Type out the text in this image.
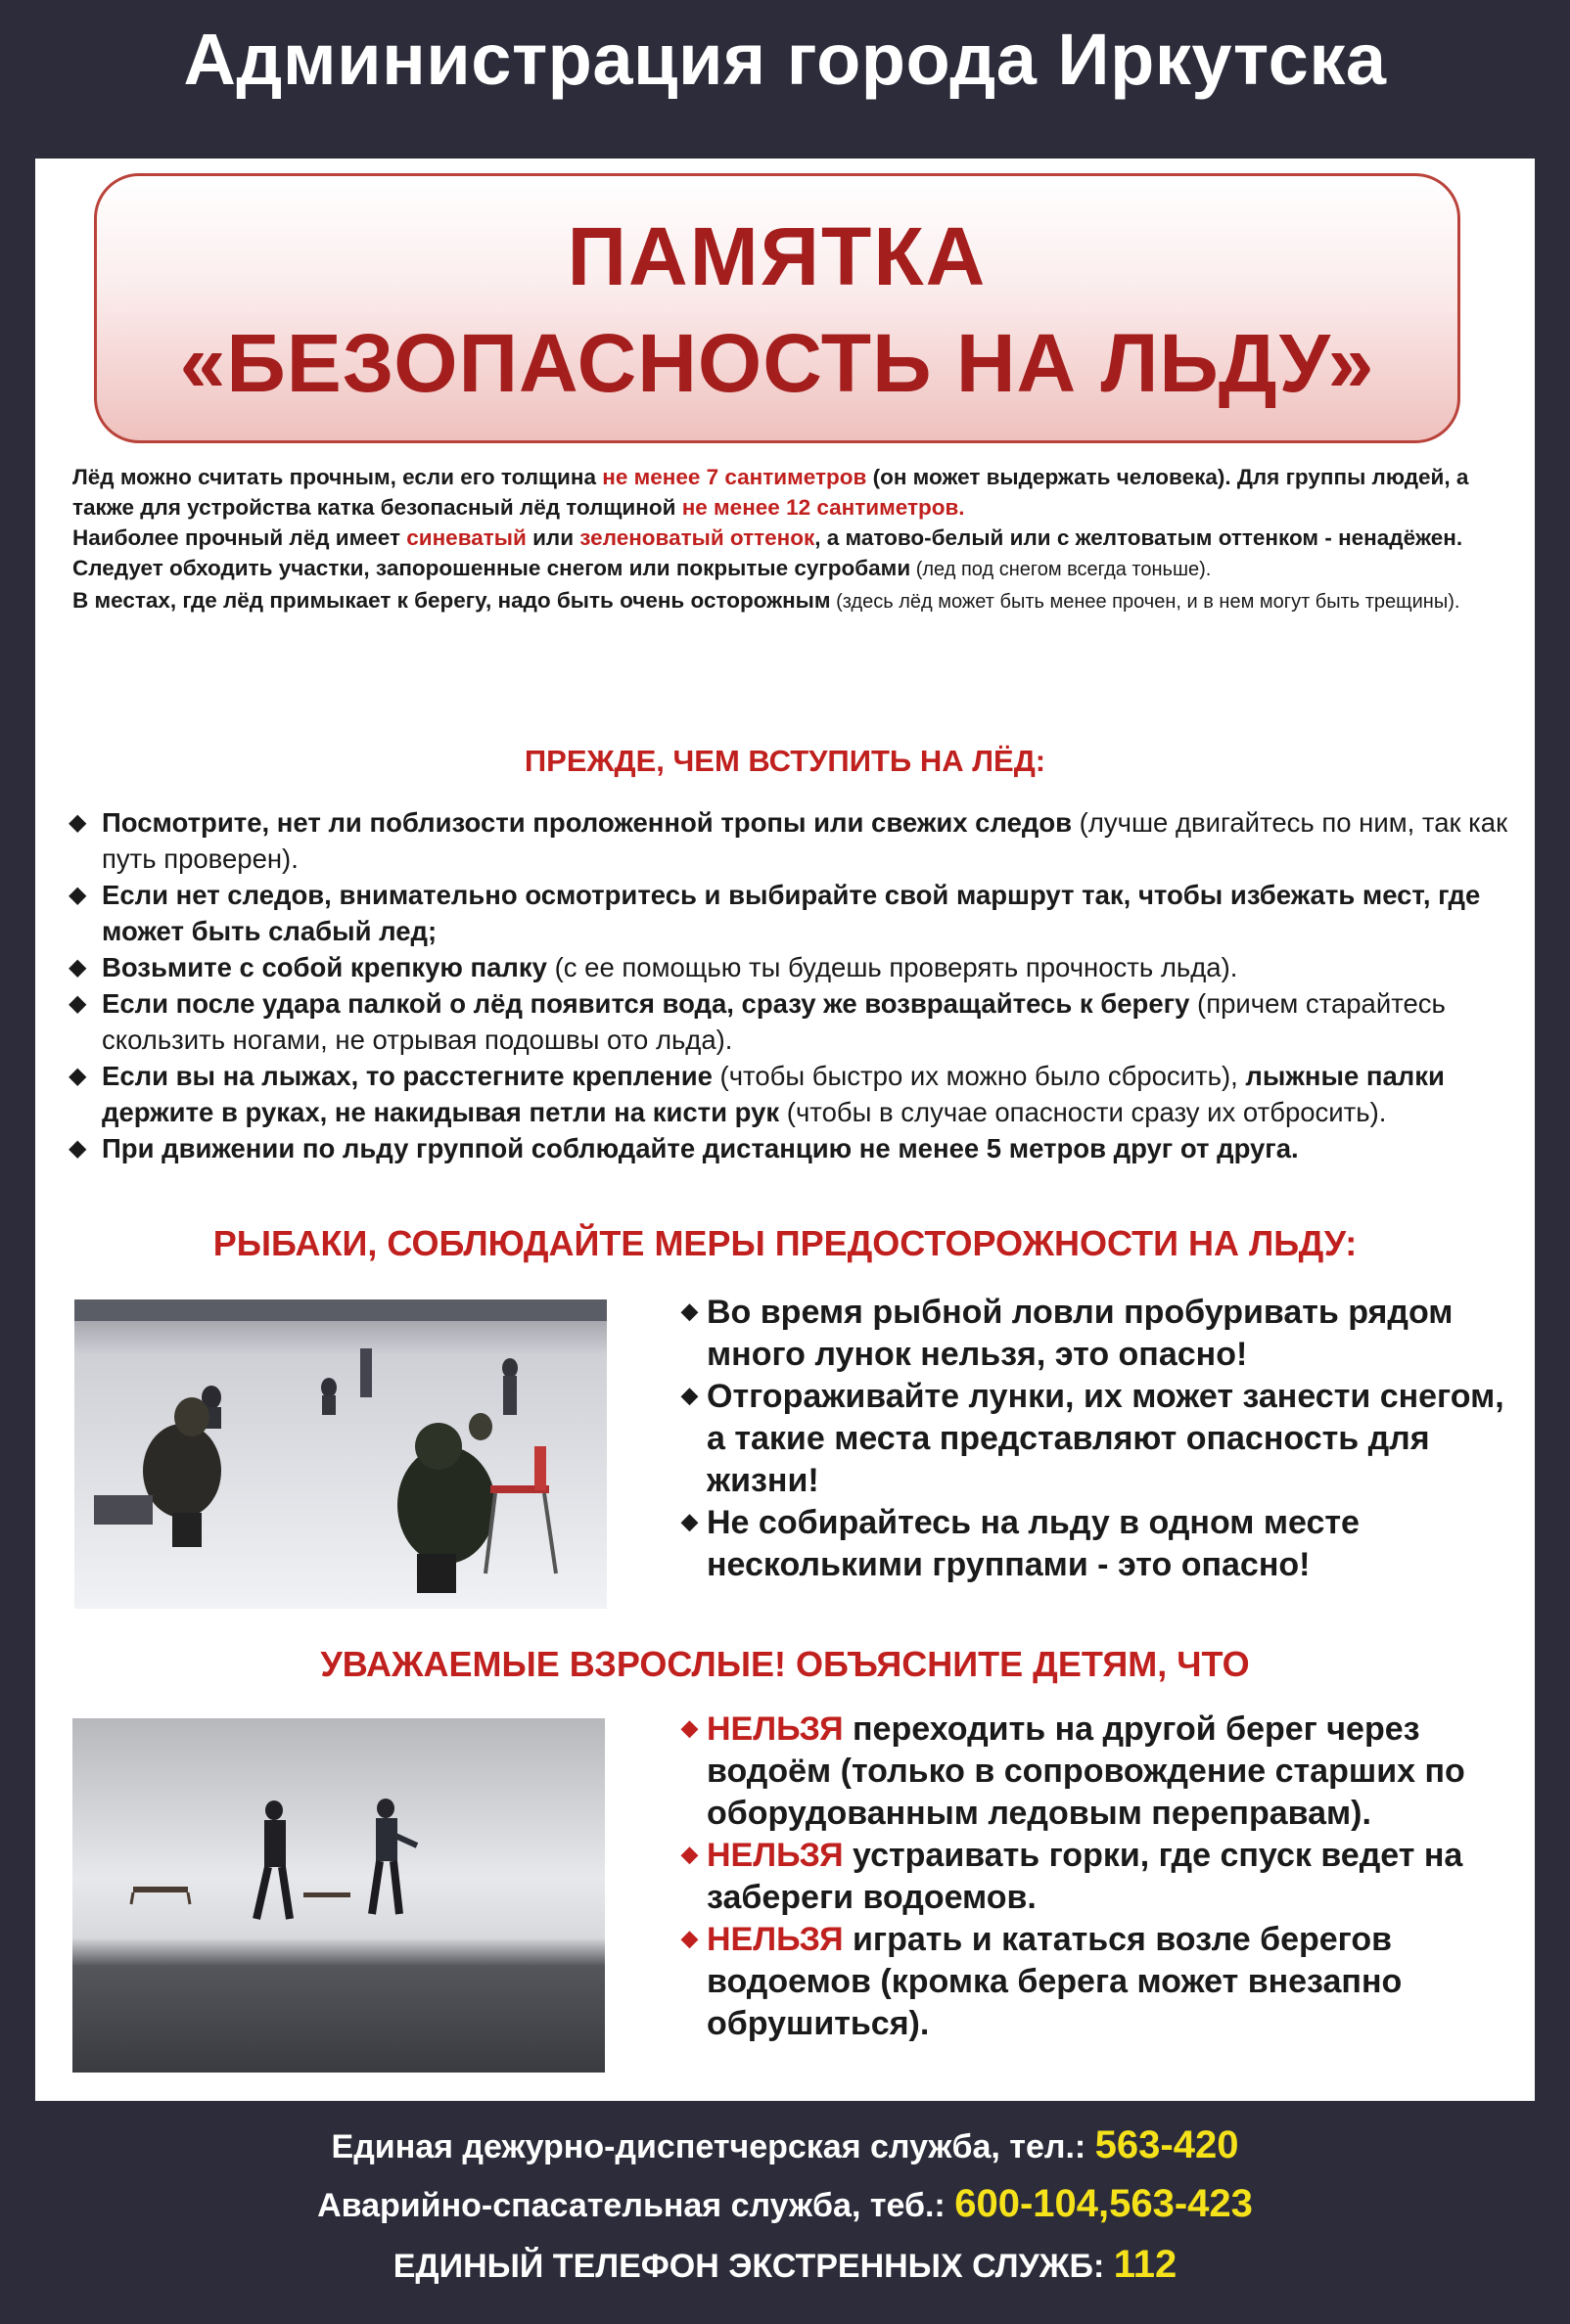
Администрация города Иркутска
ПАМЯТКА
«БЕЗОПАСНОСТЬ НА ЛЬДУ»

Лёд можно считать прочным, если его толщина не менее 7 сантиметров (он может выдержать человека). Для группы людей, а также для устройства катка безопасный лёд толщиной не менее 12 сантиметров.

Наиболее прочный лёд имеет синеватый или зеленоватый оттенок, а матово-белый или с желтоватым оттенком - ненадёжен.

Следует обходить участки, запорошенные снегом или покрытые сугробами (лед под снегом всегда тоньше).

В местах, где лёд примыкает к берегу, надо быть очень осторожным (здесь лёд может быть менее прочен, и в нем могут быть трещины).

ПРЕЖДЕ, ЧЕМ ВСТУПИТЬ НА ЛЁД:
◆ Посмотрите, нет ли поблизости проложенной тропы или свежих следов (лучше двигайтесь по ним, так как путь проверен).
◆ Если нет следов, внимательно осмотритесь и выбирайте свой маршрут так, чтобы избежать мест, где может быть слабый лед;
◆ Возьмите с собой крепкую палку (с ее помощью ты будешь проверять прочность льда).
◆ Если после удара палкой о лёд появится вода, сразу же возвращайтесь к берегу (причем старайтесь скользить ногами, не отрывая подошвы ото льда).
◆ Если вы на лыжах, то расстегните крепление (чтобы быстро их можно было сбросить), лыжные палки держите в руках, не накидывая петли на кисти рук (чтобы в случае опасности сразу их отбросить).
◆ При движении по льду группой соблюдайте дистанцию не менее 5 метров друг от друга.
РЫБАКИ, СОБЛЮДАЙТЕ МЕРЫ ПРЕДОСТОРОЖНОСТИ НА ЛЬДУ:
◆ Во время рыбной ловли пробуривать рядом много лунок нельзя, это опасно!
◆ Отгораживайте лунки, их может занести снегом, а такие места представляют опасность для жизни!
◆ Не собирайтесь на льду в одном месте несколькими группами - это опасно!
УВАЖАЕМЫЕ ВЗРОСЛЫЕ! ОБЪЯСНИТЕ ДЕТЯМ, ЧТО
◆ НЕЛЬЗЯ переходить на другой берег через водоём (только в сопровождение старших по оборудованным ледовым переправам).
◆ НЕЛЬЗЯ устраивать горки, где спуск ведет на забереги водоемов.
◆ НЕЛЬЗЯ играть и кататься возле берегов водоемов (кромка берега может внезапно обрушиться).
Единая дежурно-диспетчерская служба, тел.: 563-420
Аварийно-спасательная служба, теб.: 600-104,563-423
ЕДИНЫЙ ТЕЛЕФОН ЭКСТРЕННЫХ СЛУЖБ: 112
